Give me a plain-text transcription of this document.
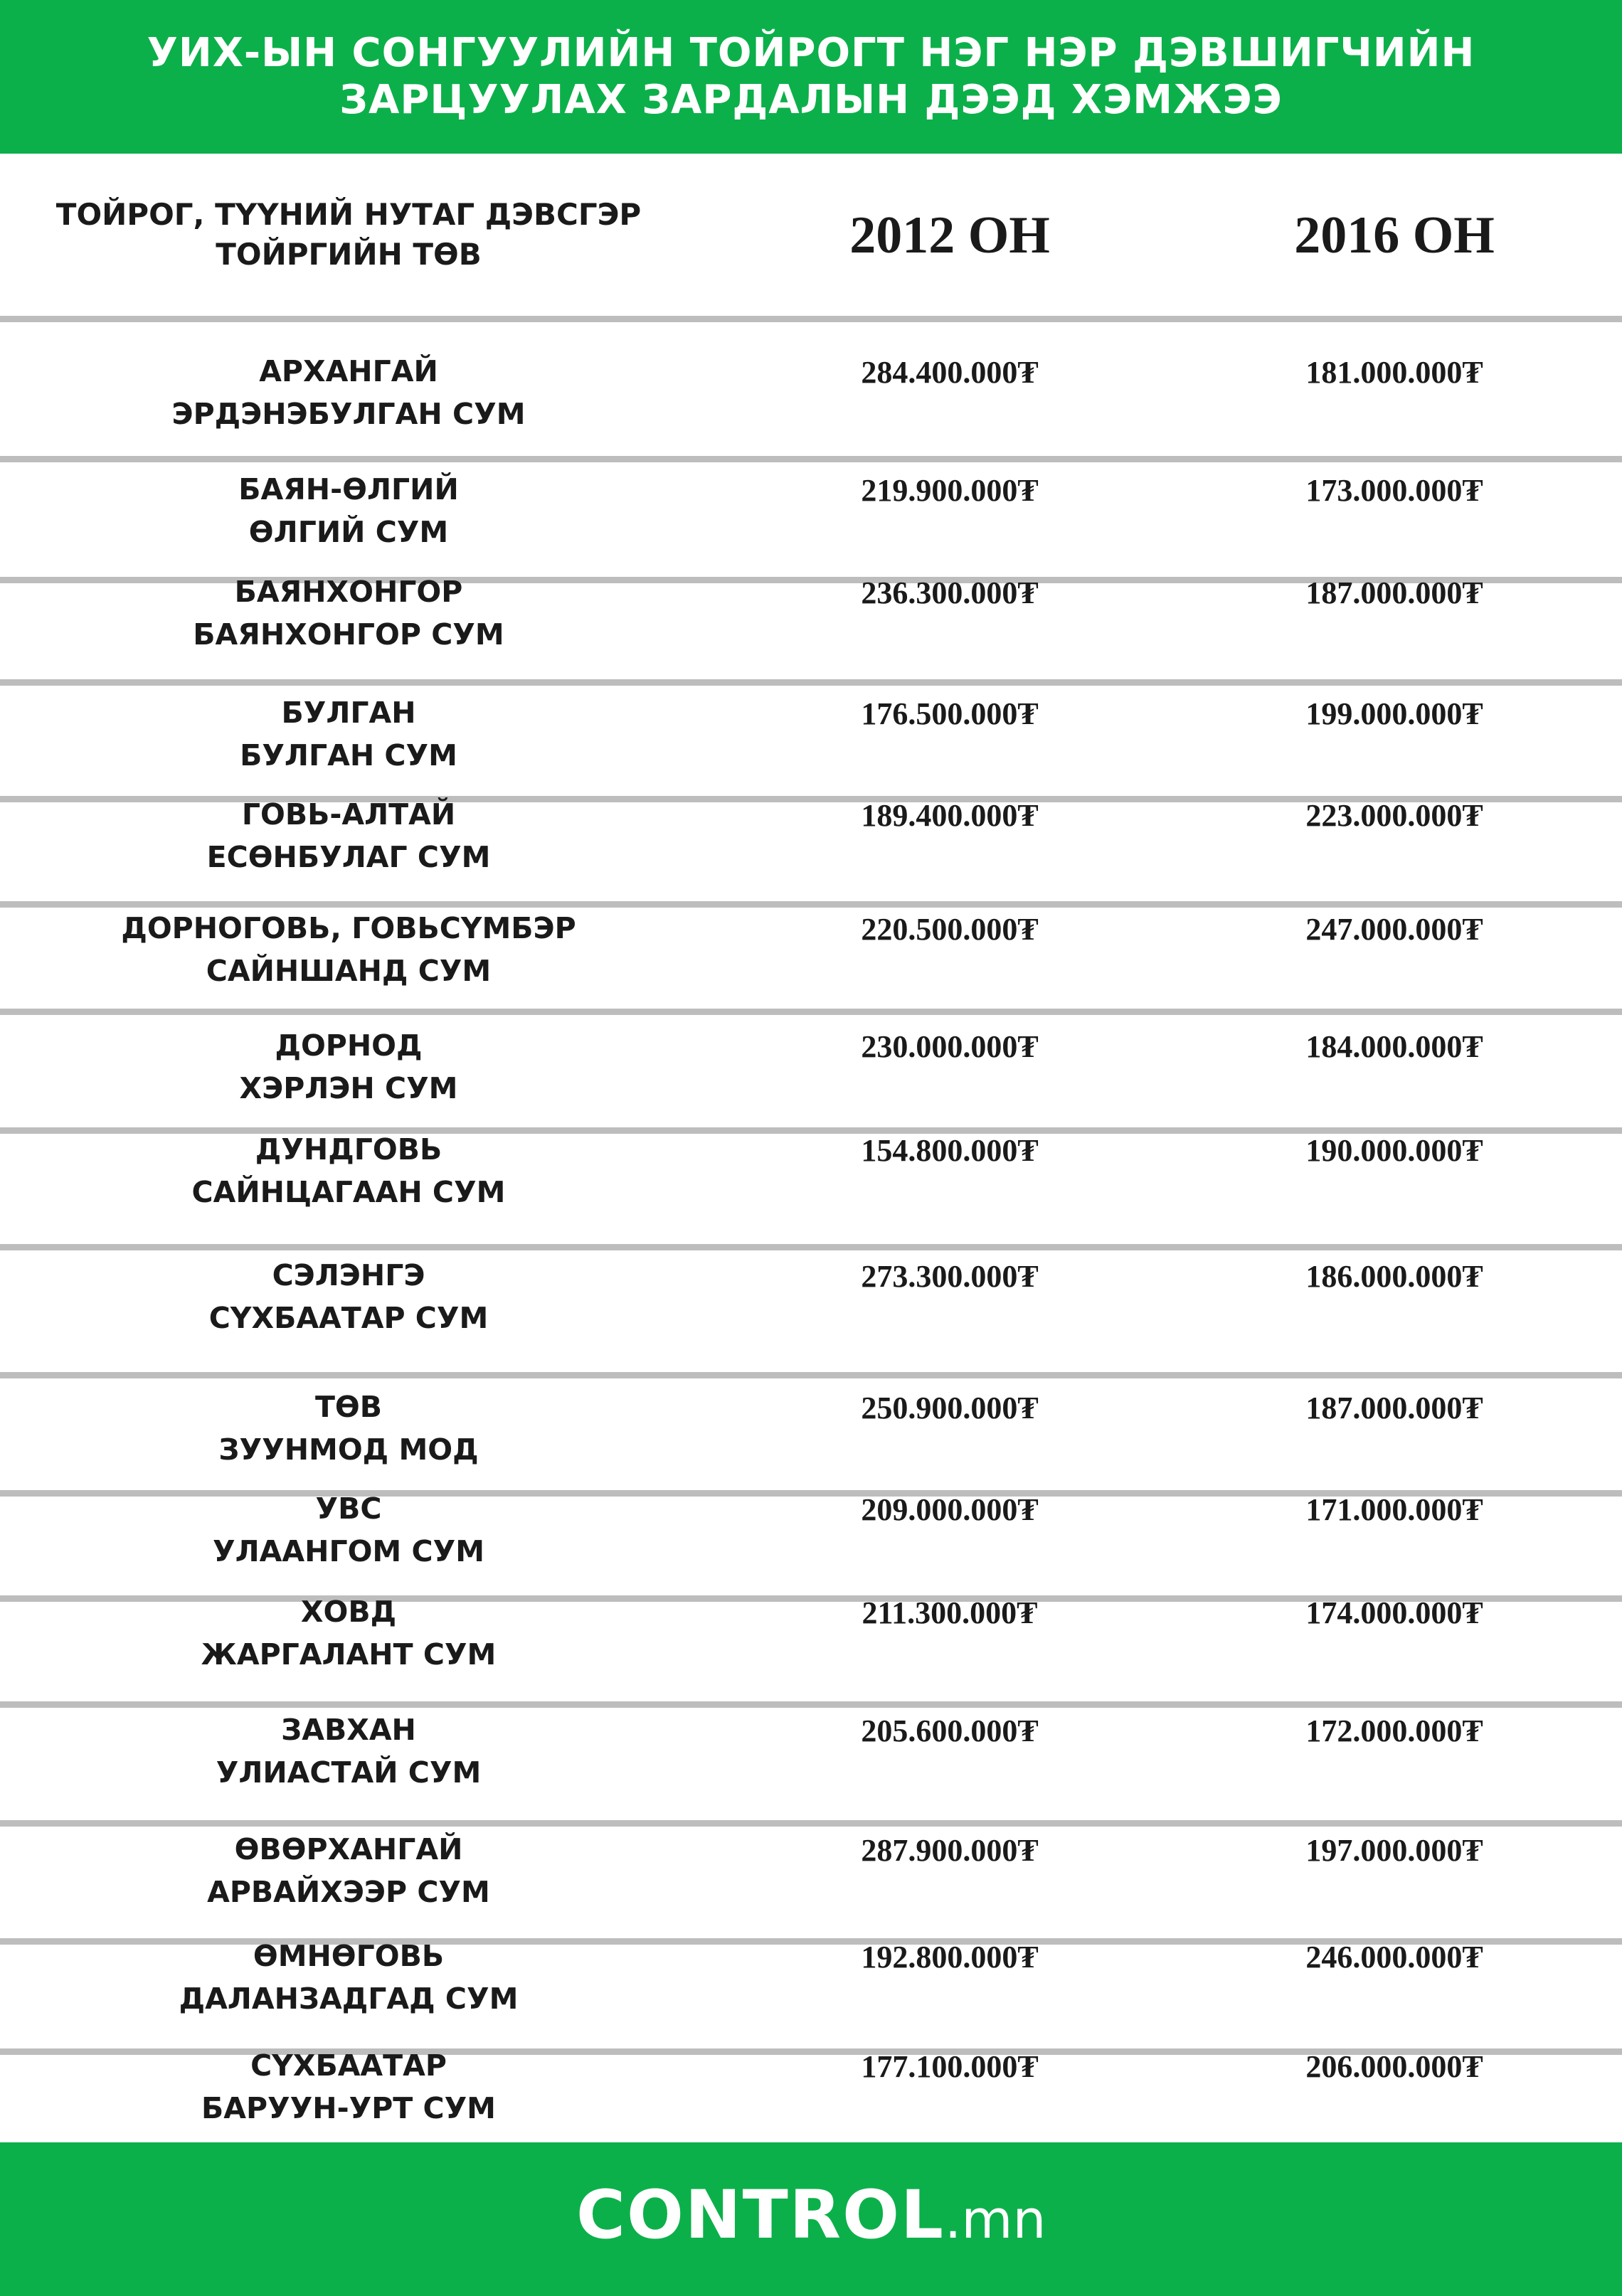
УИХ-ЫН СОНГУУЛИЙН ТОЙРОГТ НЭГ НЭР ДЭВШИГЧИЙН
ЗАРЦУУЛАХ ЗАРДАЛЫН ДЭЭД ХЭМЖЭЭ
ТОЙРОГ, ТҮҮНИЙ НУТАГ ДЭВСГЭР
ТОЙРГИЙН ТӨВ	2012 ОН	2016 ОН
АРХАНГАЙ
ЭРДЭНЭБУЛГАН СУМ
284.400.000₮	181.000.000₮
БАЯН-ӨЛГИЙ
ӨЛГИЙ СУМ
219.900.000₮	173.000.000₮
БАЯНХОНГОР
БАЯНХОНГОР СУМ
236.300.000₮	187.000.000₮
БУЛГАН
БУЛГАН СУМ
176.500.000₮	199.000.000₮
ГОВЬ-АЛТАЙ
ЕСӨНБУЛАГ СУМ
189.400.000₮	223.000.000₮
ДОРНОГОВЬ, ГОВЬСҮМБЭР
САЙНШАНД СУМ
220.500.000₮	247.000.000₮
ДОРНОД
ХЭРЛЭН СУМ
230.000.000₮	184.000.000₮
ДУНДГОВЬ
САЙНЦАГААН СУМ
154.800.000₮	190.000.000₮
СЭЛЭНГЭ
СҮХБААТАР СУМ
273.300.000₮	186.000.000₮
ТӨВ
ЗУУНМОД МОД
250.900.000₮	187.000.000₮
УВС
УЛААНГОМ СУМ
209.000.000₮	171.000.000₮
ХОВД
ЖАРГАЛАНТ СУМ
211.300.000₮	174.000.000₮
ЗАВХАН
УЛИАСТАЙ СУМ
205.600.000₮	172.000.000₮
ӨВӨРХАНГАЙ
АРВАЙХЭЭР СУМ
287.900.000₮	197.000.000₮
ӨМНӨГОВЬ
ДАЛАНЗАДГАД СУМ
192.800.000₮	246.000.000₮
СҮХБААТАР
БАРУУН-УРТ СУМ
177.100.000₮	206.000.000₮
CONTROL.mn
